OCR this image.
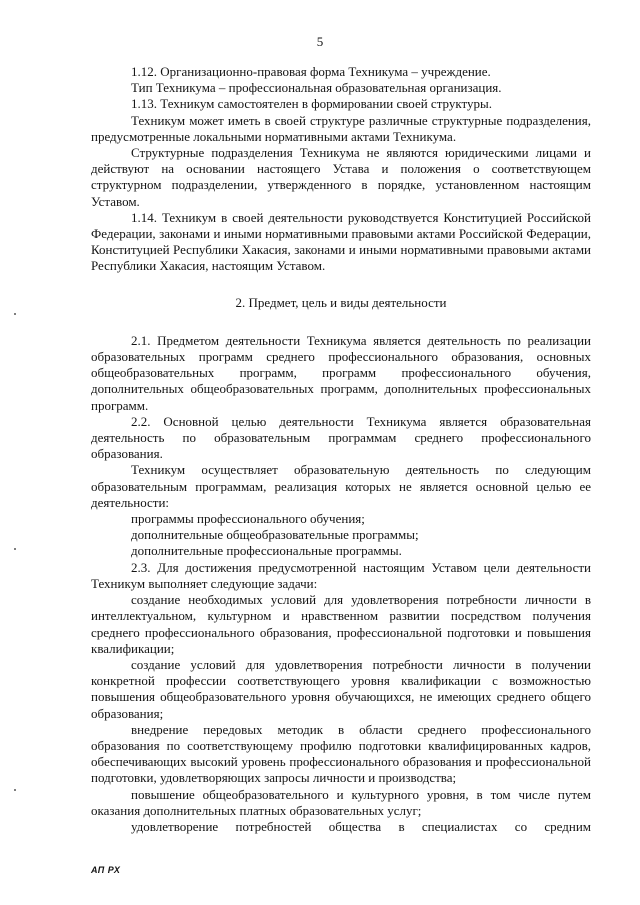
5

1.12. Организационно-правовая форма Техникума – учреждение.

Тип Техникума – профессиональная образовательная организация.

1.13. Техникум самостоятелен в формировании своей структуры.

Техникум может иметь в своей структуре различные структурные подразделения, предусмотренные локальными нормативными актами Техникума.

Структурные подразделения Техникума не являются юридическими лицами и действуют на основании настоящего Устава и положения о соответствующем структурном подразделении, утвержденного в порядке, установленном настоящим Уставом.

1.14. Техникум в своей деятельности руководствуется Конституцией Российской Федерации, законами и иными нормативными правовыми актами Российской Федерации, Конституцией Республики Хакасия, законами и иными нормативными правовыми актами Республики Хакасия, настоящим Уставом.

2. Предмет, цель и виды деятельности

2.1. Предметом деятельности Техникума является деятельность по реализации образовательных программ среднего профессионального образования, основных общеобразовательных программ, программ профессионального обучения, дополнительных общеобразовательных программ, дополнительных профессиональных программ.

2.2. Основной целью деятельности Техникума является образовательная деятельность по образовательным программам среднего профессионального образования.

Техникум осуществляет образовательную деятельность по следующим образовательным программам, реализация которых не является основной целью ее деятельности:

программы профессионального обучения;

дополнительные общеобразовательные программы;

дополнительные профессиональные программы.

2.3. Для достижения предусмотренной настоящим Уставом цели деятельности Техникум выполняет следующие задачи:

создание необходимых условий для удовлетворения потребности личности в интеллектуальном, культурном и нравственном развитии посредством получения среднего профессионального образования, профессиональной подготовки и повышения квалификации;

создание условий для удовлетворения потребности личности в получении конкретной профессии соответствующего уровня квалификации с возможностью повышения общеобразовательного уровня обучающихся, не имеющих среднего общего образования;

внедрение передовых методик в области среднего профессионального образования по соответствующему профилю подготовки квалифицированных кадров, обеспечивающих высокий уровень профессионального образования и профессиональной подготовки, удовлетворяющих запросы личности и производства;

повышение общеобразовательного и культурного уровня, в том числе путем оказания дополнительных платных образовательных услуг;

удовлетворение потребностей общества в специалистах со средним

АП РХ
